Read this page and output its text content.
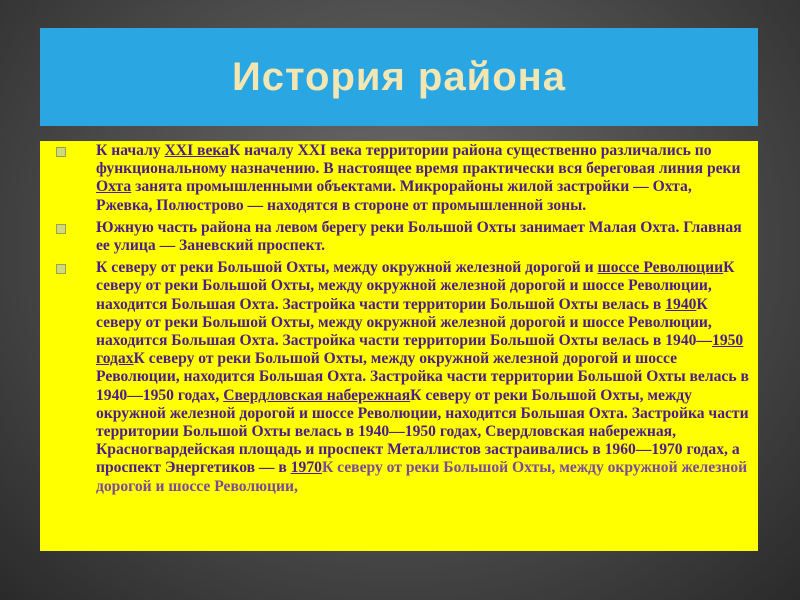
История района
К началу XXI векаК началу XXI века территории района существенно различались по функциональному назначению. В настоящее время практически вся береговая линия реки Охта занята промышленными объектами. Микрорайоны жилой застройки — Охта, Ржевка, Полюстрово — находятся в стороне от промышленной зоны.
Южную часть района на левом берегу реки Большой Охты занимает Малая Охта. Главная ее улица — Заневский проспект.
К северу от реки Большой Охты, между окружной железной дорогой и шоссе РеволюцииК северу от реки Большой Охты, между окружной железной дорогой и шоссе Революции, находится Большая Охта. Застройка части территории Большой Охты велась в 1940К северу от реки Большой Охты, между окружной железной дорогой и шоссе Революции, находится Большая Охта. Застройка части территории Большой Охты велась в 1940—1950 годахК северу от реки Большой Охты, между окружной железной дорогой и шоссе Революции, находится Большая Охта. Застройка части территории Большой Охты велась в 1940—1950 годах, Свердловская набережнаяК северу от реки Большой Охты, между окружной железной дорогой и шоссе Революции, находится Большая Охта. Застройка части территории Большой Охты велась в 1940—1950 годах, Свердловская набережная, Красногвардейская площадь и проспект Металлистов застраивались в 1960—1970 годах, а проспект Энергетиков — в 1970К северу от реки Большой Охты, между окружной железной дорогой и шоссе Революции,
